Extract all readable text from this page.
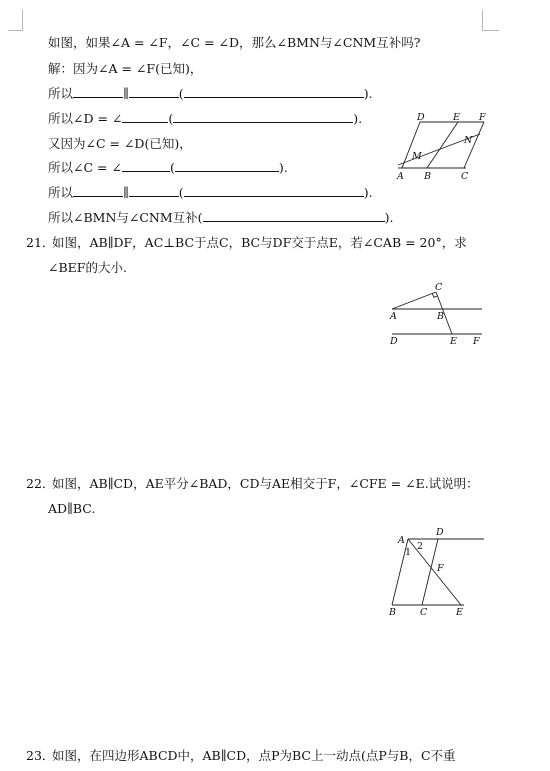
如图，如果∠A = ∠F，∠C = ∠D，那么∠BMN与∠CNM互补吗?
解：因为∠A = ∠F(已知)，
所以	∥	(	).
所以∠D = ∠	(	).
又因为∠C = ∠D(已知)，
所以∠C = ∠	(	).
所以	∥	(	).
所以∠BMN与∠CNM互补(	).
D	E F
N
M
A B	C
21．
如图，AB∥DF，AC⊥BC于点C，BC与DF交于点E，若∠CAB = 20°，求
∠BEF的大小.
C
A	B
D	E F
22．
如图，AB∥CD，AE平分∠BAD，CD与AE相交于F，∠CFE = ∠E.试说明：
AD∥BC.
A
D
2
1
F
B	C	E
23．
如图，在四边形ABCD中，AB∥CD，点P为BC上一动点(点P与B，C不重
